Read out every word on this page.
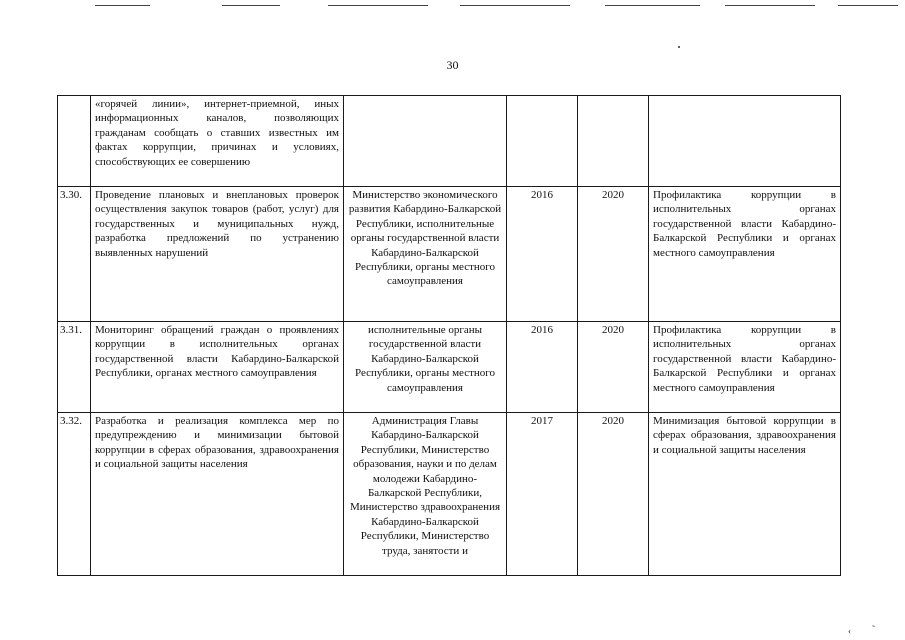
30
	«горячей линии», интернет-приемной, иных информационных каналов, позволяющих гражданам сообщать о ставших известных им фактах коррупции, причинах и условиях, способствующих ее совершению				
3.30.	Проведение плановых и внеплановых проверок осуществления закупок товаров (работ, услуг) для государственных и муниципальных нужд, разработка предложений по устранению выявленных нарушений	Министерство экономического развития Кабардино-Балкарской Республики, исполнительные органы государственной власти Кабардино-Балкарской Республики, органы местного самоуправления	2016	2020	Профилактика коррупции в исполнительных органах государственной власти Кабардино-Балкарской Республики и органах местного самоуправления
3.31.	Мониторинг обращений граждан о проявлениях коррупции в исполнительных органах государственной власти Кабардино-Балкарской Республики, органах местного самоуправления	исполнительные органы государственной власти Кабардино-Балкарской Республики, органы местного самоуправления	2016	2020	Профилактика коррупции в исполнительных органах государственной власти Кабардино-Балкарской Республики и органах местного самоуправления
3.32.	Разработка и реализация комплекса мер по предупреждению и минимизации бытовой коррупции в сферах образования, здравоохранения и социальной защиты населения	Администрация Главы Кабардино-Балкарской Республики, Министерство образования, науки и по делам молодежи Кабардино-Балкарской Республики, Министерство здравоохранения Кабардино-Балкарской Республики, Министерство труда, занятости и	2017	2020	Минимизация бытовой коррупции в сферах образования, здравоохранения и социальной защиты населения
‹ ˜
